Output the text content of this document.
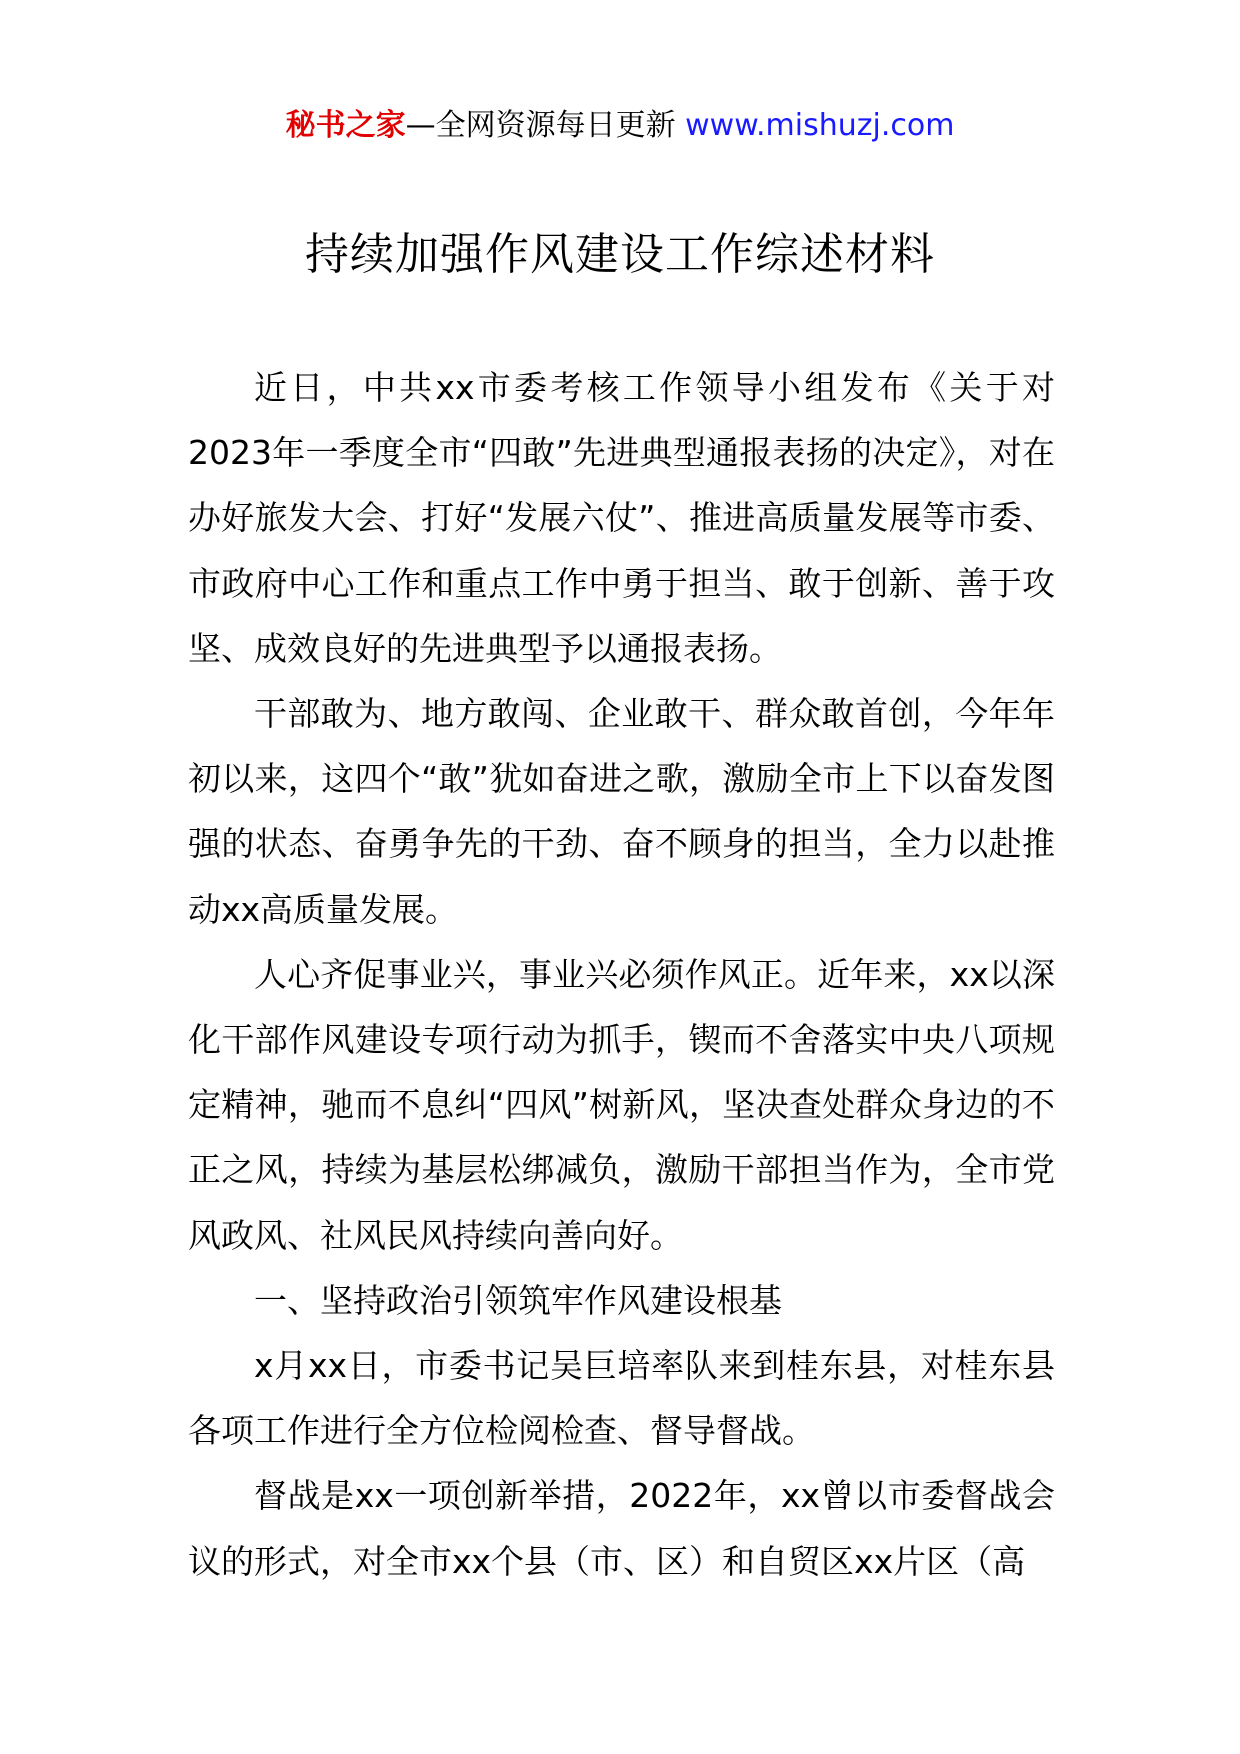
秘书之家—全网资源每日更新 www.mishuzj.com
持续加强作风建设工作综述材料

近日，中共xx市委考核工作领导小组发布《关于对2023年一季度全市“四敢”先进典型通报表扬的决定》，对在办好旅发大会、打好“发展六仗”、推进高质量发展等市委、市政府中心工作和重点工作中勇于担当、敢于创新、善于攻坚、成效良好的先进典型予以通报表扬。

干部敢为、地方敢闯、企业敢干、群众敢首创，今年年初以来，这四个“敢”犹如奋进之歌，激励全市上下以奋发图强的状态、奋勇争先的干劲、奋不顾身的担当，全力以赴推动xx高质量发展。

人心齐促事业兴，事业兴必须作风正。近年来，xx以深化干部作风建设专项行动为抓手，锲而不舍落实中央八项规定精神，驰而不息纠“四风”树新风，坚决查处群众身边的不正之风，持续为基层松绑减负，激励干部担当作为，全市党风政风、社风民风持续向善向好。

一、坚持政治引领筑牢作风建设根基

x月xx日，市委书记吴巨培率队来到桂东县，对桂东县各项工作进行全方位检阅检查、督导督战。

督战是xx一项创新举措，2022年，xx曾以市委督战会议的形式，对全市xx个县（市、区）和自贸区xx片区（高
